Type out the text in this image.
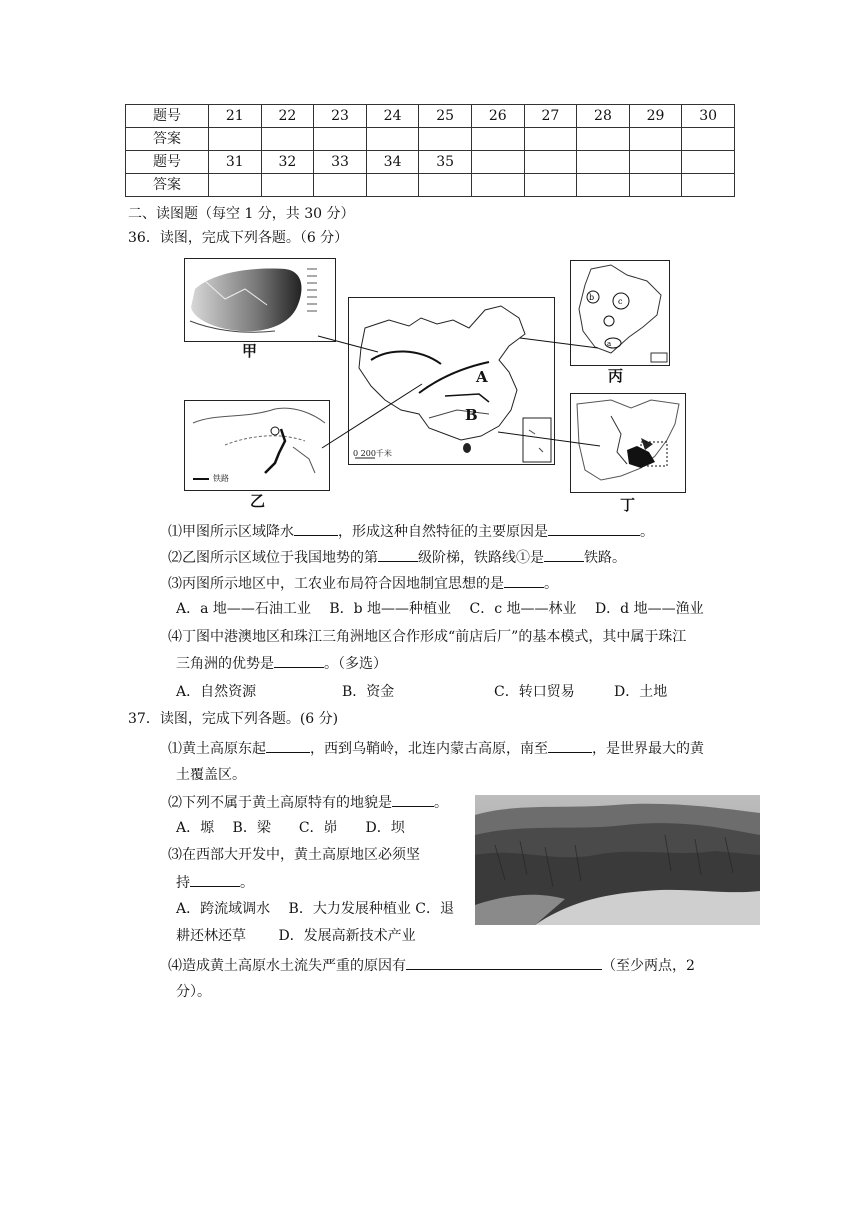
题号	21	22	23	24	25	26	27	28	29	30
答案										
题号	31	32	33	34	35					
答案										
二、读图题（每空 1 分，共 30 分）
36．读图，完成下列各题。（6 分）
甲
A
B
0 200千米
b	c
a
丙
铁路
乙	丁
⑴甲图所示区域降水	，形成这种自然特征的主要原因是	。
⑵乙图所示区域位于我国地势的第	级阶梯，铁路线①是	铁路。
⑶丙图所示地区中，工农业布局符合因地制宜思想的是	。
A．a 地——石油工业　 B．b 地——种植业　 C．c 地——林业　 D．d 地——渔业
⑷丁图中港澳地区和珠江三角洲地区合作形成“前店后厂”的基本模式，其中属于珠江
三角洲的优势是	。（多选）
A．自然资源	B．资金	C．转口贸易	D．土地
37．读图，完成下列各题。(6 分)
⑴黄土高原东起	，西到乌鞘岭，北连内蒙古高原，南至	，是世界最大的黄
土覆盖区。
⑵下列不属于黄土高原特有的地貌是	。
A．塬　 B．梁　　C．峁　　D．坝
⑶在西部大开发中，黄土高原地区必须坚
持	。
A．跨流域调水　 B．大力发展种植业 C．退
耕还林还草　　 D．发展高新技术产业
⑷造成黄土高原水土流失严重的原因有	（至少两点，2
分）。
